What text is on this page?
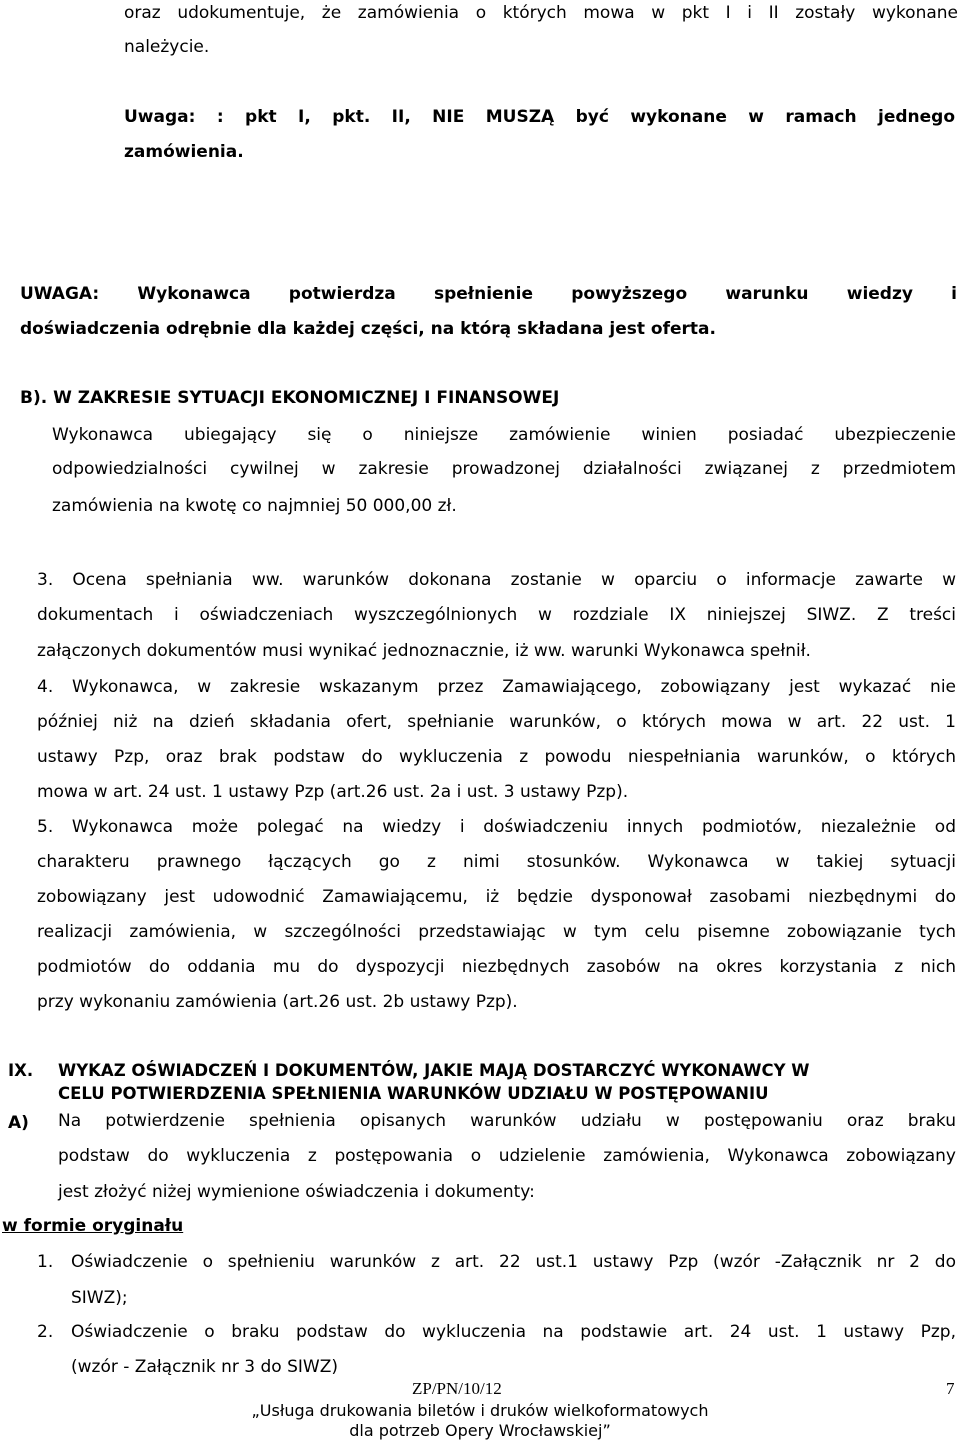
oraz udokumentuje, że zamówienia o których mowa w pkt I i II zostały wykonane
należycie.
Uwaga: : pkt I, pkt. II, NIE MUSZĄ być wykonane w ramach jednego
zamówienia.
UWAGA: Wykonawca potwierdza spełnienie powyższego warunku wiedzy i
doświadczenia odrębnie dla każdej części, na którą składana jest oferta.
B). W ZAKRESIE SYTUACJI EKONOMICZNEJ I FINANSOWEJ
Wykonawca ubiegający się o niniejsze zamówienie winien posiadać ubezpieczenie
odpowiedzialności cywilnej w zakresie prowadzonej działalności związanej z przedmiotem
zamówienia na kwotę co najmniej 50 000,00 zł.
3. Ocena spełniania ww. warunków dokonana zostanie w oparciu o informacje zawarte w
dokumentach i oświadczeniach wyszczególnionych w rozdziale IX niniejszej SIWZ. Z treści
załączonych dokumentów musi wynikać jednoznacznie, iż ww. warunki Wykonawca spełnił.
4. Wykonawca, w zakresie wskazanym przez Zamawiającego, zobowiązany jest wykazać nie
później niż na dzień składania ofert, spełnianie warunków, o których mowa w art. 22 ust. 1
ustawy Pzp, oraz brak podstaw do wykluczenia z powodu niespełniania warunków, o których
mowa w art. 24 ust. 1 ustawy Pzp (art.26 ust. 2a i ust. 3 ustawy Pzp).
5. Wykonawca może polegać na wiedzy i doświadczeniu innych podmiotów, niezależnie od
charakteru prawnego łączących go z nimi stosunków. Wykonawca w takiej sytuacji
zobowiązany jest udowodnić Zamawiającemu, iż będzie dysponował zasobami niezbędnymi do
realizacji zamówienia, w szczególności przedstawiając w tym celu pisemne zobowiązanie tych
podmiotów do oddania mu do dyspozycji niezbędnych zasobów na okres korzystania z nich
przy wykonaniu zamówienia (art.26 ust. 2b ustawy Pzp).
IX. WYKAZ OŚWIADCZEŃ I DOKUMENTÓW, JAKIE MAJĄ DOSTARCZYĆ WYKONAWCY W
CELU POTWIERDZENIA SPEŁNIENIA WARUNKÓW UDZIAŁU W POSTĘPOWANIU
A) Na potwierdzenie spełnienia opisanych warunków udziału w postępowaniu oraz braku
podstaw do wykluczenia z postępowania o udzielenie zamówienia, Wykonawca zobowiązany
jest złożyć niżej wymienione oświadczenia i dokumenty:
w formie oryginału
1. Oświadczenie o spełnieniu warunków z art. 22 ust.1 ustawy Pzp (wzór -Załącznik nr 2 do
SIWZ);
2. Oświadczenie o braku podstaw do wykluczenia na podstawie art. 24 ust. 1 ustawy Pzp,
(wzór - Załącznik nr 3 do SIWZ)
ZP/PN/10/12	7
„Usługa drukowania biletów i druków wielkoformatowych
dla potrzeb Opery Wrocławskiej”
